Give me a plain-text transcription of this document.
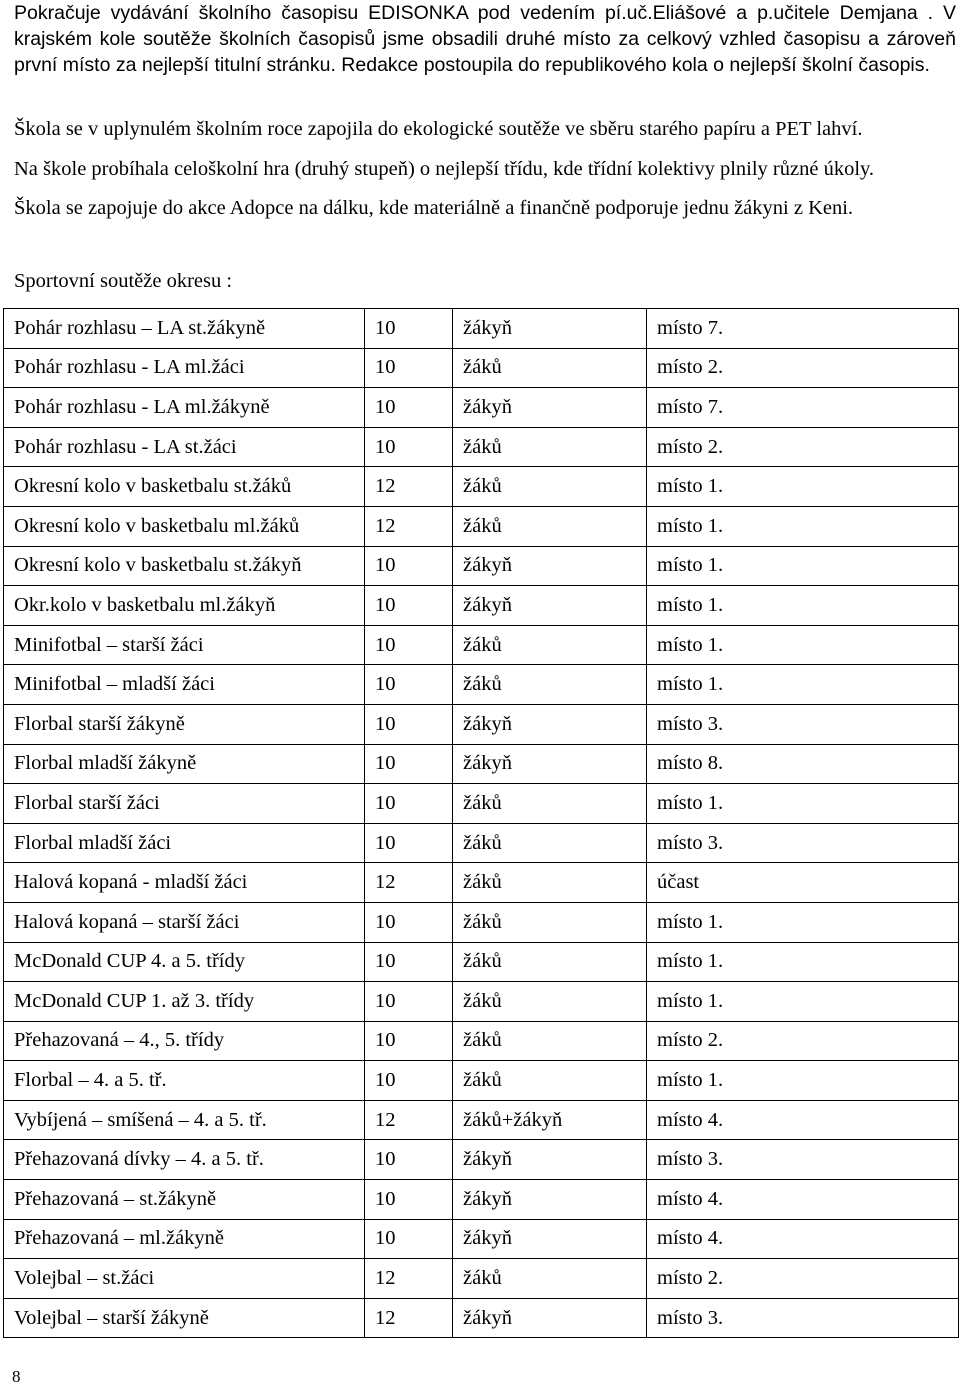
Pokračuje vydávání školního časopisu EDISONKA pod vedením pí.uč.Eliášové a p.učitele Demjana . V krajském kole soutěže školních časopisů jsme obsadili druhé místo za celkový vzhled časopisu a zároveň první místo za nejlepší titulní stránku. Redakce postoupila do republikového kola o nejlepší školní časopis.

Škola se v uplynulém školním roce zapojila do ekologické soutěže ve sběru starého papíru a PET lahví.

Na škole probíhala celoškolní hra (druhý stupeň) o nejlepší třídu, kde třídní kolektivy plnily různé úkoly.

Škola se zapojuje do akce Adopce na dálku, kde materiálně a finančně podporuje jednu žákyni z Keni.

Sportovní soutěže okresu :

Pohár rozhlasu – LA st.žákyně	10	žákyň	místo 7.
Pohár rozhlasu - LA ml.žáci	10	žáků	místo 2.
Pohár rozhlasu - LA ml.žákyně	10	žákyň	místo 7.
Pohár rozhlasu - LA st.žáci	10	žáků	místo 2.
Okresní kolo v basketbalu st.žáků	12	žáků	místo 1.
Okresní kolo v basketbalu ml.žáků	12	žáků	místo 1.
Okresní kolo v basketbalu st.žákyň	10	žákyň	místo 1.
Okr.kolo v basketbalu ml.žákyň	10	žákyň	místo 1.
Minifotbal – starší žáci	10	žáků	místo 1.
Minifotbal – mladší žáci	10	žáků	místo 1.
Florbal starší žákyně	10	žákyň	místo 3.
Florbal mladší žákyně	10	žákyň	místo 8.
Florbal starší žáci	10	žáků	místo 1.
Florbal mladší žáci	10	žáků	místo 3.
Halová kopaná - mladší žáci	12	žáků	účast
Halová kopaná – starší žáci	10	žáků	místo 1.
McDonald CUP 4. a 5. třídy	10	žáků	místo 1.
McDonald CUP 1. až 3. třídy	10	žáků	místo 1.
Přehazovaná – 4., 5. třídy	10	žáků	místo 2.
Florbal – 4. a 5. tř.	10	žáků	místo 1.
Vybíjená – smíšená – 4. a 5. tř.	12	žáků+žákyň	místo 4.
Přehazovaná dívky – 4. a 5. tř.	10	žákyň	místo 3.
Přehazovaná – st.žákyně	10	žákyň	místo 4.
Přehazovaná – ml.žákyně	10	žákyň	místo 4.
Volejbal – st.žáci	12	žáků	místo 2.
Volejbal – starší žákyně	12	žákyň	místo 3.
8
